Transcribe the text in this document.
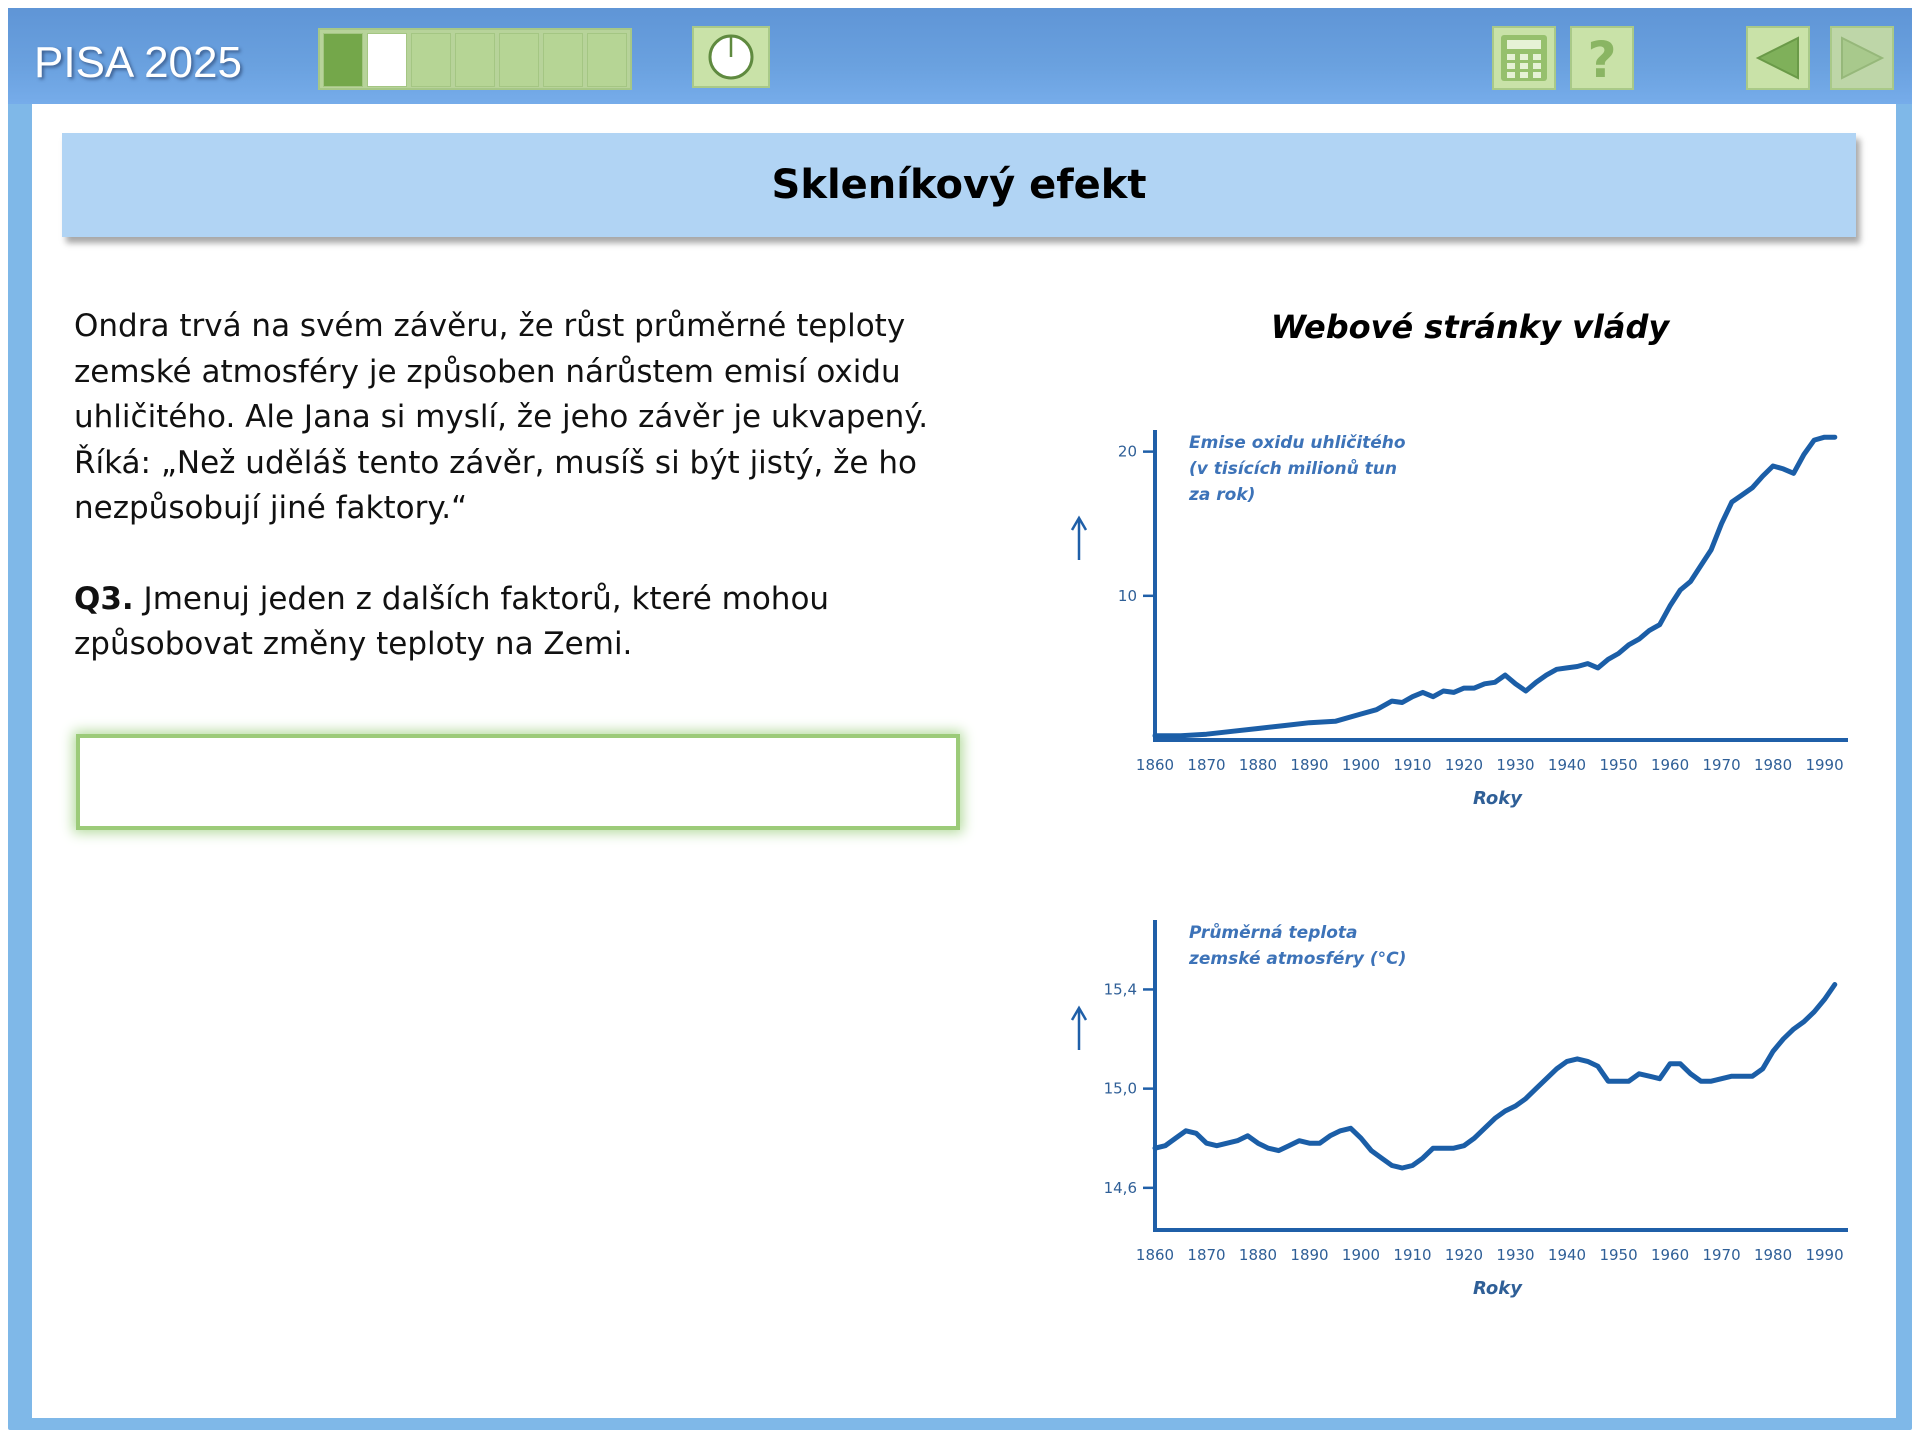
PISA 2025	?
Skleníkový efekt

Ondra trvá na svém závěru, že růst průměrné teploty
zemské atmosféry je způsoben nárůstem emisí oxidu
uhličitého. Ale Jana si myslí, že jeho závěr je ukvapený.
Říká: „Než uděláš tento závěr, musíš si být jistý, že ho
nezpůsobují jiné faktory.“

Q3. Jmenuj jeden z dalších faktorů, které mohou
způsobovat změny teploty na Zemi.

Webové stránky vlády
10
20
1860 1870 1880 1890 1900 1910 1920 1930 1940 1950 1960 1970 1980 1990
Roky
Emise oxidu uhličitého
(v tisících milionů tun
za rok)
14,6
15,0
15,4
1860 1870 1880 1890 1900 1910 1920 1930 1940 1950 1960 1970 1980 1990
Roky
Průměrná teplota
zemské atmosféry (°C)
